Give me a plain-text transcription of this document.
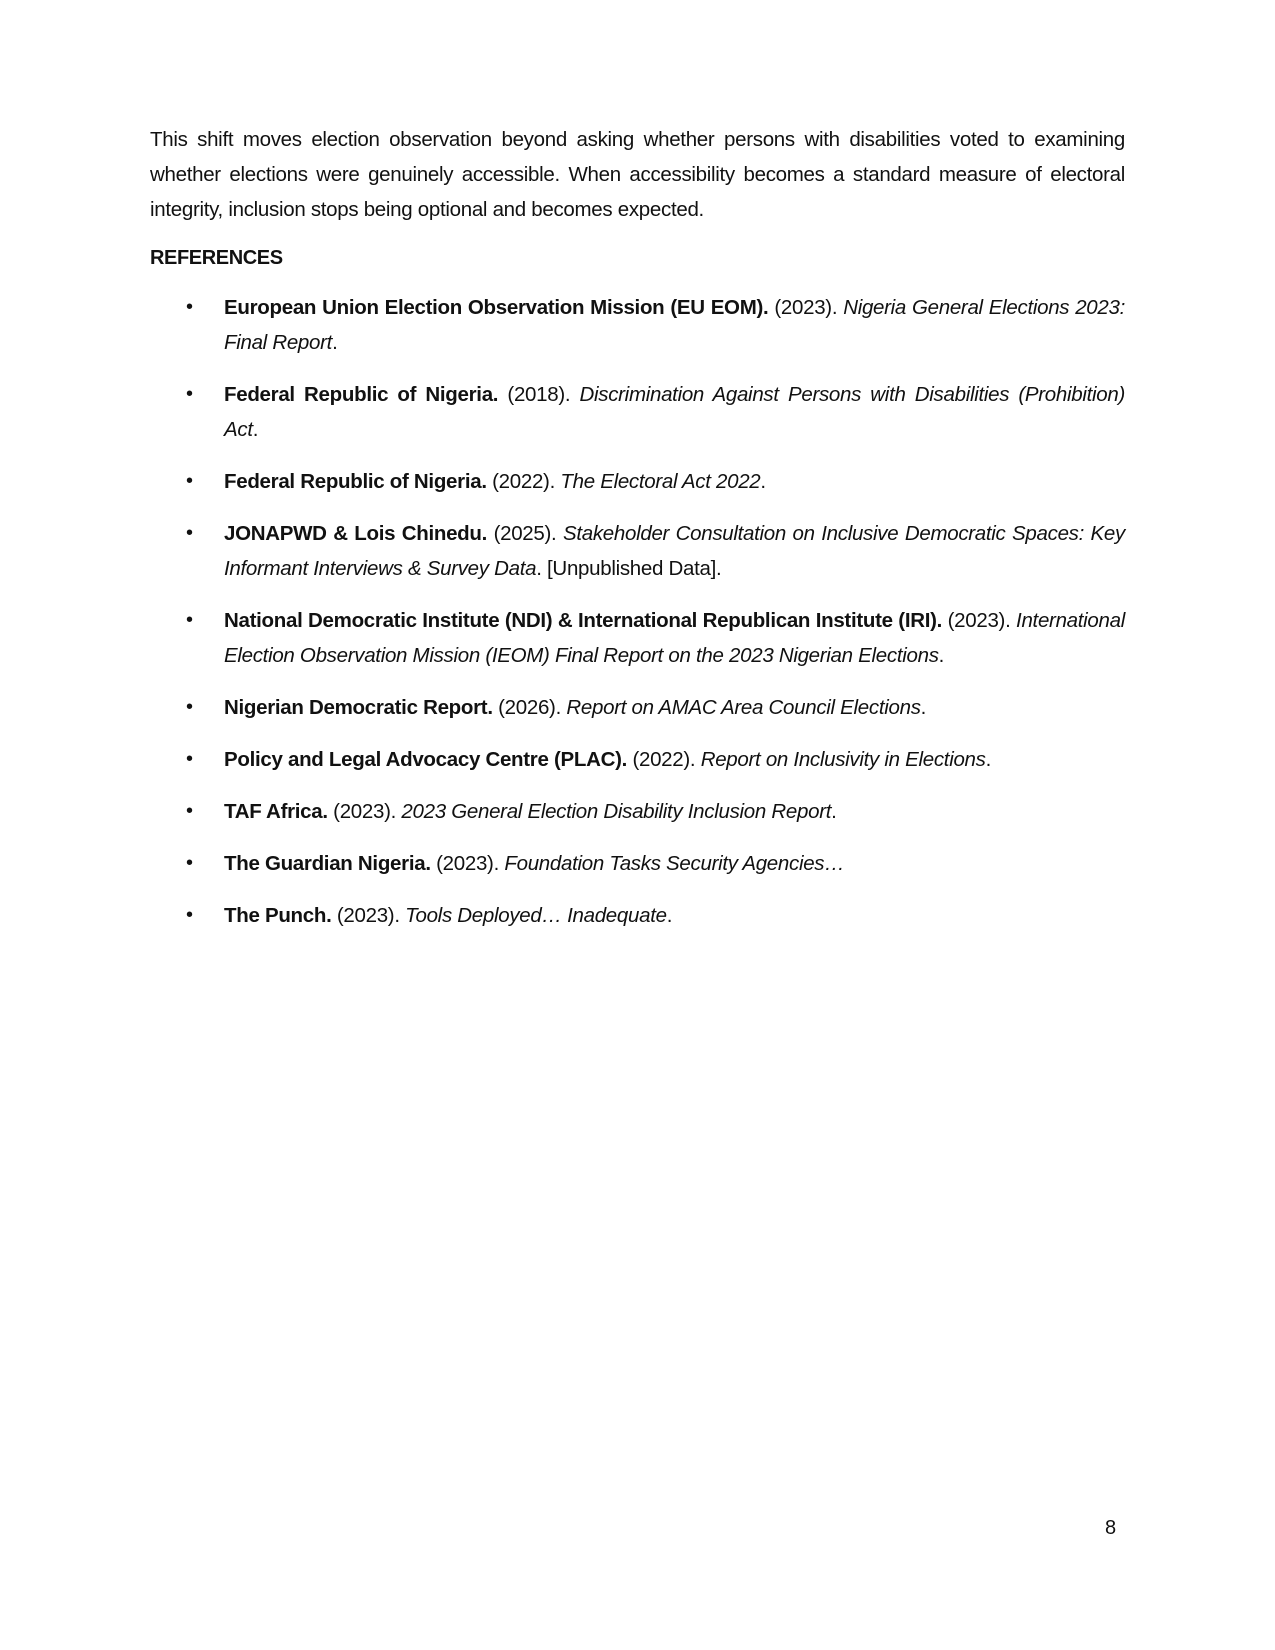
This shift moves election observation beyond asking whether persons with disabilities voted to examining whether elections were genuinely accessible. When accessibility becomes a standard measure of electoral integrity, inclusion stops being optional and becomes expected.

REFERENCES
• European Union Election Observation Mission (EU EOM). (2023). Nigeria General Elections 2023: Final Report.
• Federal Republic of Nigeria. (2018). Discrimination Against Persons with Disabilities (Prohibition) Act.
• Federal Republic of Nigeria. (2022). The Electoral Act 2022.
• JONAPWD & Lois Chinedu. (2025). Stakeholder Consultation on Inclusive Democratic Spaces: Key Informant Interviews & Survey Data. [Unpublished Data].
• National Democratic Institute (NDI) & International Republican Institute (IRI). (2023). International Election Observation Mission (IEOM) Final Report on the 2023 Nigerian Elections.
• Nigerian Democratic Report. (2026). Report on AMAC Area Council Elections.
• Policy and Legal Advocacy Centre (PLAC). (2022). Report on Inclusivity in Elections.
• TAF Africa. (2023). 2023 General Election Disability Inclusion Report.
• The Guardian Nigeria. (2023). Foundation Tasks Security Agencies…
• The Punch. (2023). Tools Deployed… Inadequate.
8
